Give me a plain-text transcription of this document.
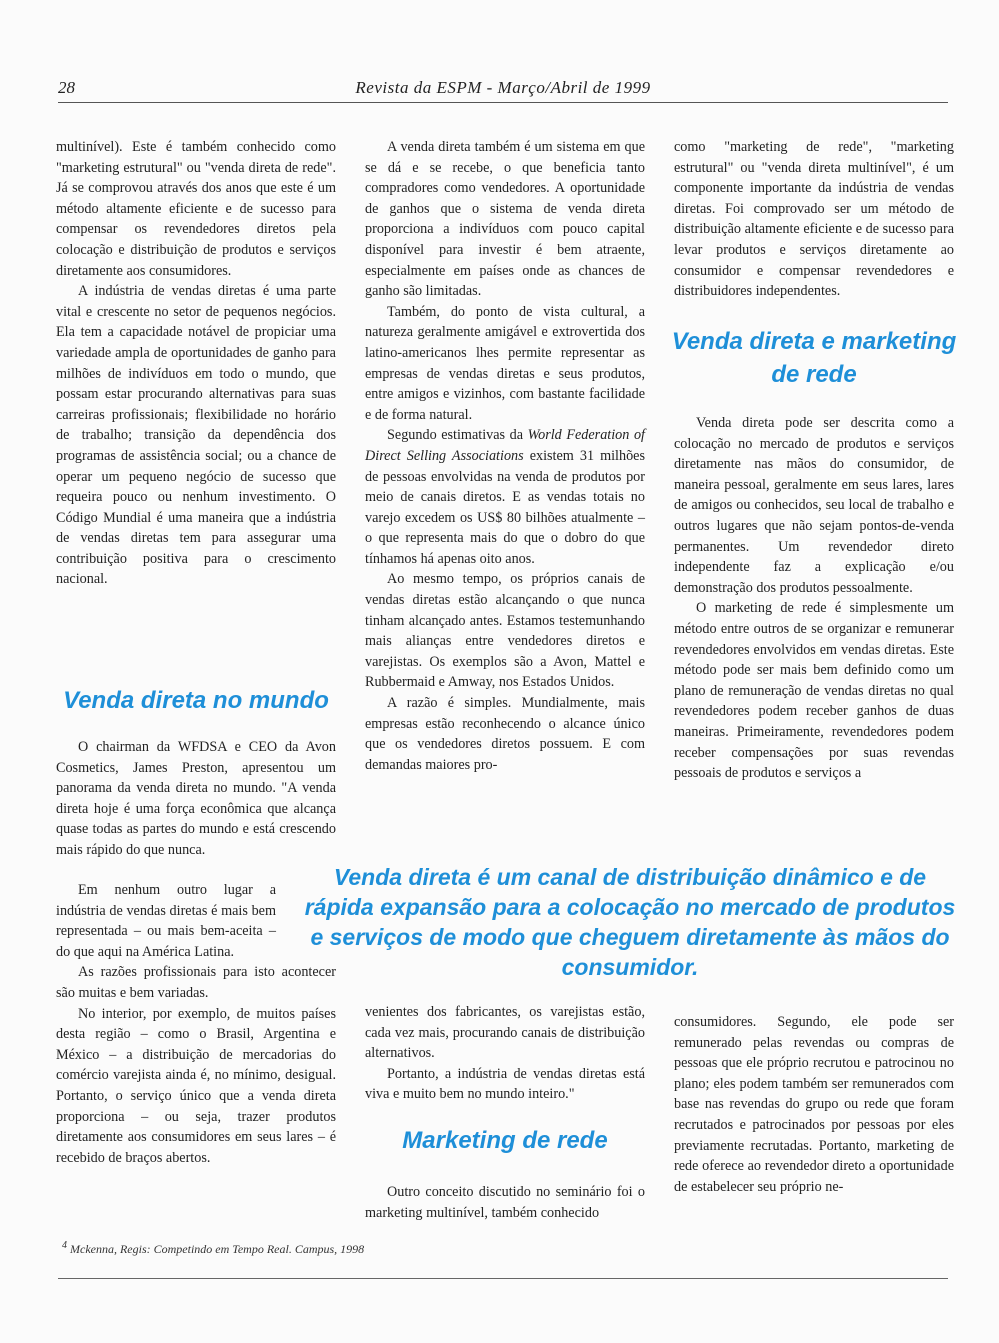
28	Revista da ESPM - Março/Abril de 1999

multinível). Este é também conhecido como "marketing estrutural" ou "venda direta de rede". Já se comprovou através dos anos que este é um método altamente eficiente e de sucesso para compensar os revendedores diretos pela colocação e distribuição de produtos e serviços diretamente aos consumidores.

A indústria de vendas diretas é uma parte vital e crescente no setor de pequenos negócios. Ela tem a capacidade notável de propiciar uma variedade ampla de oportunidades de ganho para milhões de indivíduos em todo o mundo, que possam estar procurando alternativas para suas carreiras profissionais; flexibilidade no horário de trabalho; transição da dependência dos programas de assistência social; ou a chance de operar um pequeno negócio de sucesso que requeira pouco ou nenhum investimento. O Código Mundial é uma maneira que a indústria de vendas diretas tem para assegurar uma contribuição positiva para o crescimento nacional.

Venda direta no mundo

O chairman da WFDSA e CEO da Avon Cosmetics, James Preston, apresentou um panorama da venda direta no mundo. "A venda direta hoje é uma força econômica que alcança quase todas as partes do mundo e está crescendo mais rápido do que nunca.

Em nenhum outro lugar a indústria de vendas diretas é mais bem representada – ou mais bem-aceita – do que aqui na América Latina.

As razões profissionais para isto acontecer são muitas e bem variadas.

No interior, por exemplo, de muitos países desta região – como o Brasil, Argentina e México – a distribuição de mercadorias do comércio varejista ainda é, no mínimo, desigual. Portanto, o serviço único que a venda direta proporciona – ou seja, trazer produtos diretamente aos consumidores em seus lares – é recebido de braços abertos.

A venda direta também é um sistema em que se dá e se recebe, o que beneficia tanto compradores como vendedores. A oportunidade de ganhos que o sistema de venda direta proporciona a indivíduos com pouco capital disponível para investir é bem atraente, especialmente em países onde as chances de ganho são limitadas.

Também, do ponto de vista cultural, a natureza geralmente amigável e extrovertida dos latino-americanos lhes permite representar as empresas de vendas diretas e seus produtos, entre amigos e vizinhos, com bastante facilidade e de forma natural.

Segundo estimativas da World Federation of Direct Selling Associations existem 31 milhões de pessoas envolvidas na venda de produtos por meio de canais diretos. E as vendas totais no varejo excedem os US$ 80 bilhões atualmente – o que representa mais do que o dobro do que tínhamos há apenas oito anos.

Ao mesmo tempo, os próprios canais de vendas diretas estão alcançando o que nunca tinham alcançado antes. Estamos testemunhando mais alianças entre vendedores diretos e varejistas. Os exemplos são a Avon, Mattel e Rubbermaid e Amway, nos Estados Unidos.

A razão é simples. Mundialmente, mais empresas estão reconhecendo o alcance único que os vendedores diretos possuem. E com demandas maiores pro-

venientes dos fabricantes, os varejistas estão, cada vez mais, procurando canais de distribuição alternativos.

Portanto, a indústria de vendas diretas está viva e muito bem no mundo inteiro."

Marketing de rede

Outro conceito discutido no seminário foi o marketing multinível, também conhecido

como "marketing de rede", "marketing estrutural" ou "venda direta multinível", é um componente importante da indústria de vendas diretas. Foi comprovado ser um método de distribuição altamente eficiente e de sucesso para levar produtos e serviços diretamente ao consumidor e compensar revendedores e distribuidores independentes.

Venda direta e marketing de rede

Venda direta pode ser descrita como a colocação no mercado de produtos e serviços diretamente nas mãos do consumidor, de maneira pessoal, geralmente em seus lares, lares de amigos ou conhecidos, seu local de trabalho e outros lugares que não sejam pontos-de-venda permanentes. Um revendedor direto independente faz a explicação e/ou demonstração dos produtos pessoalmente.

O marketing de rede é simplesmente um método entre outros de se organizar e remunerar revendedores envolvidos em vendas diretas. Este método pode ser mais bem definido como um plano de remuneração de vendas diretas no qual revendedores podem receber ganhos de duas maneiras. Primeiramente, revendedores podem receber compensações por suas revendas pessoais de produtos e serviços a

consumidores. Segundo, ele pode ser remunerado pelas revendas ou compras de pessoas que ele próprio recrutou e patrocinou no plano; eles podem também ser remunerados com base nas revendas do grupo ou rede que foram recrutados e patrocinados por pessoas por eles previamente recrutadas. Portanto, marketing de rede oferece ao revendedor direto a oportunidade de estabelecer seu próprio ne-

Venda direta é um canal de distribuição dinâmico e de rápida expansão para a colocação no mercado de produtos e serviços de modo que cheguem diretamente às mãos do consumidor.
$^4$ Mckenna, Regis: Competindo em Tempo Real. Campus, 1998
